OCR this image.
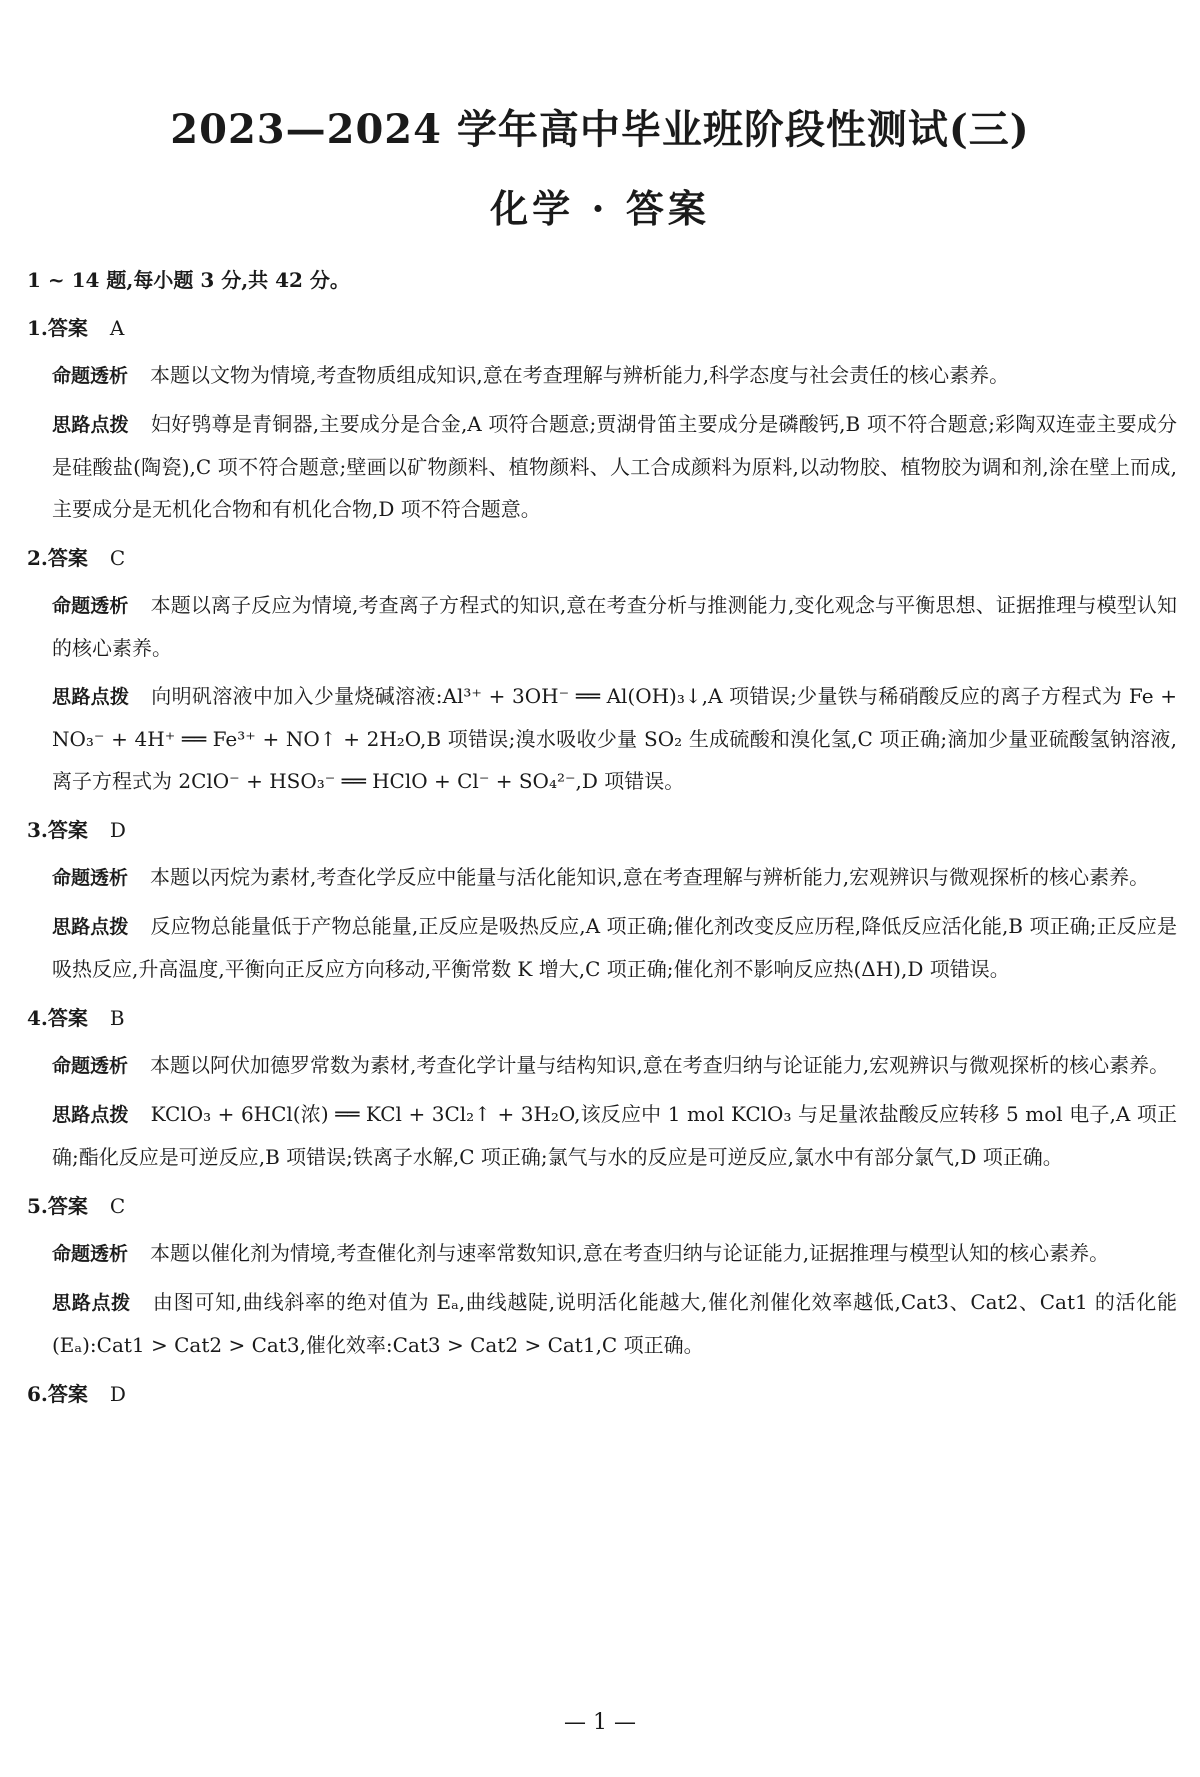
2023—2024 学年高中毕业班阶段性测试(三)
化学 · 答案
1 ~ 14 题,每小题 3 分,共 42 分。
1.答案 A
命题透析 本题以文物为情境,考查物质组成知识,意在考查理解与辨析能力,科学态度与社会责任的核心素养。
思路点拨 妇好鸮尊是青铜器,主要成分是合金,A 项符合题意;贾湖骨笛主要成分是磷酸钙,B 项不符合题意;彩陶双连壶主要成分是硅酸盐(陶瓷),C 项不符合题意;壁画以矿物颜料、植物颜料、人工合成颜料为原料,以动物胶、植物胶为调和剂,涂在壁上而成,主要成分是无机化合物和有机化合物,D 项不符合题意。
2.答案 C
命题透析 本题以离子反应为情境,考查离子方程式的知识,意在考查分析与推测能力,变化观念与平衡思想、证据推理与模型认知的核心素养。
思路点拨 向明矾溶液中加入少量烧碱溶液:Al³⁺ + 3OH⁻ ══ Al(OH)₃↓,A 项错误;少量铁与稀硝酸反应的离子方程式为 Fe + NO₃⁻ + 4H⁺ ══ Fe³⁺ + NO↑ + 2H₂O,B 项错误;溴水吸收少量 SO₂ 生成硫酸和溴化氢,C 项正确;滴加少量亚硫酸氢钠溶液,离子方程式为 2ClO⁻ + HSO₃⁻ ══ HClO + Cl⁻ + SO₄²⁻,D 项错误。
3.答案 D
命题透析 本题以丙烷为素材,考查化学反应中能量与活化能知识,意在考查理解与辨析能力,宏观辨识与微观探析的核心素养。
思路点拨 反应物总能量低于产物总能量,正反应是吸热反应,A 项正确;催化剂改变反应历程,降低反应活化能,B 项正确;正反应是吸热反应,升高温度,平衡向正反应方向移动,平衡常数 K 增大,C 项正确;催化剂不影响反应热(ΔH),D 项错误。
4.答案 B
命题透析 本题以阿伏加德罗常数为素材,考查化学计量与结构知识,意在考查归纳与论证能力,宏观辨识与微观探析的核心素养。
思路点拨 KClO₃ + 6HCl(浓) ══ KCl + 3Cl₂↑ + 3H₂O,该反应中 1 mol KClO₃ 与足量浓盐酸反应转移 5 mol 电子,A 项正确;酯化反应是可逆反应,B 项错误;铁离子水解,C 项正确;氯气与水的反应是可逆反应,氯水中有部分氯气,D 项正确。
5.答案 C
命题透析 本题以催化剂为情境,考查催化剂与速率常数知识,意在考查归纳与论证能力,证据推理与模型认知的核心素养。
思路点拨 由图可知,曲线斜率的绝对值为 Eₐ,曲线越陡,说明活化能越大,催化剂催化效率越低,Cat3、Cat2、Cat1 的活化能(Eₐ):Cat1 > Cat2 > Cat3,催化效率:Cat3 > Cat2 > Cat1,C 项正确。
6.答案 D
— 1 —
